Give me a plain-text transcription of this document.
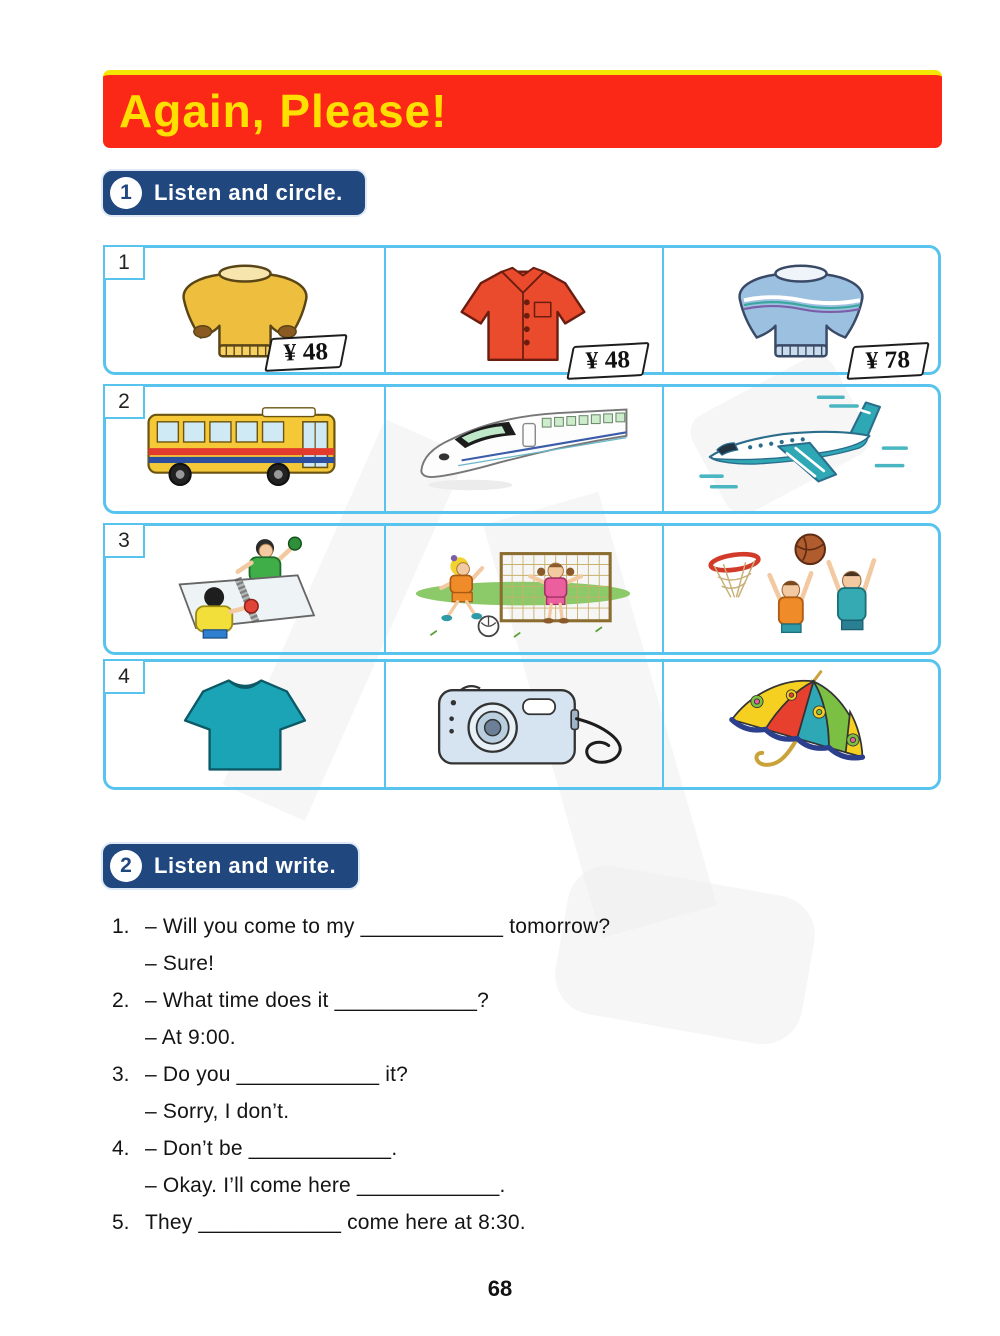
Again, Please!
1	Listen and circle.
1
¥ 48	¥ 48	¥ 78
2
3
4
2	Listen and write.
1. – Will you come to my ____________ tomorrow?
– Sure!
2. – What time does it ____________?
– At 9:00.
3. – Do you ____________ it?
– Sorry, I don’t.
4. – Don’t be ____________.
– Okay. I’ll come here ____________.
5. They ____________ come here at 8:30.
68
